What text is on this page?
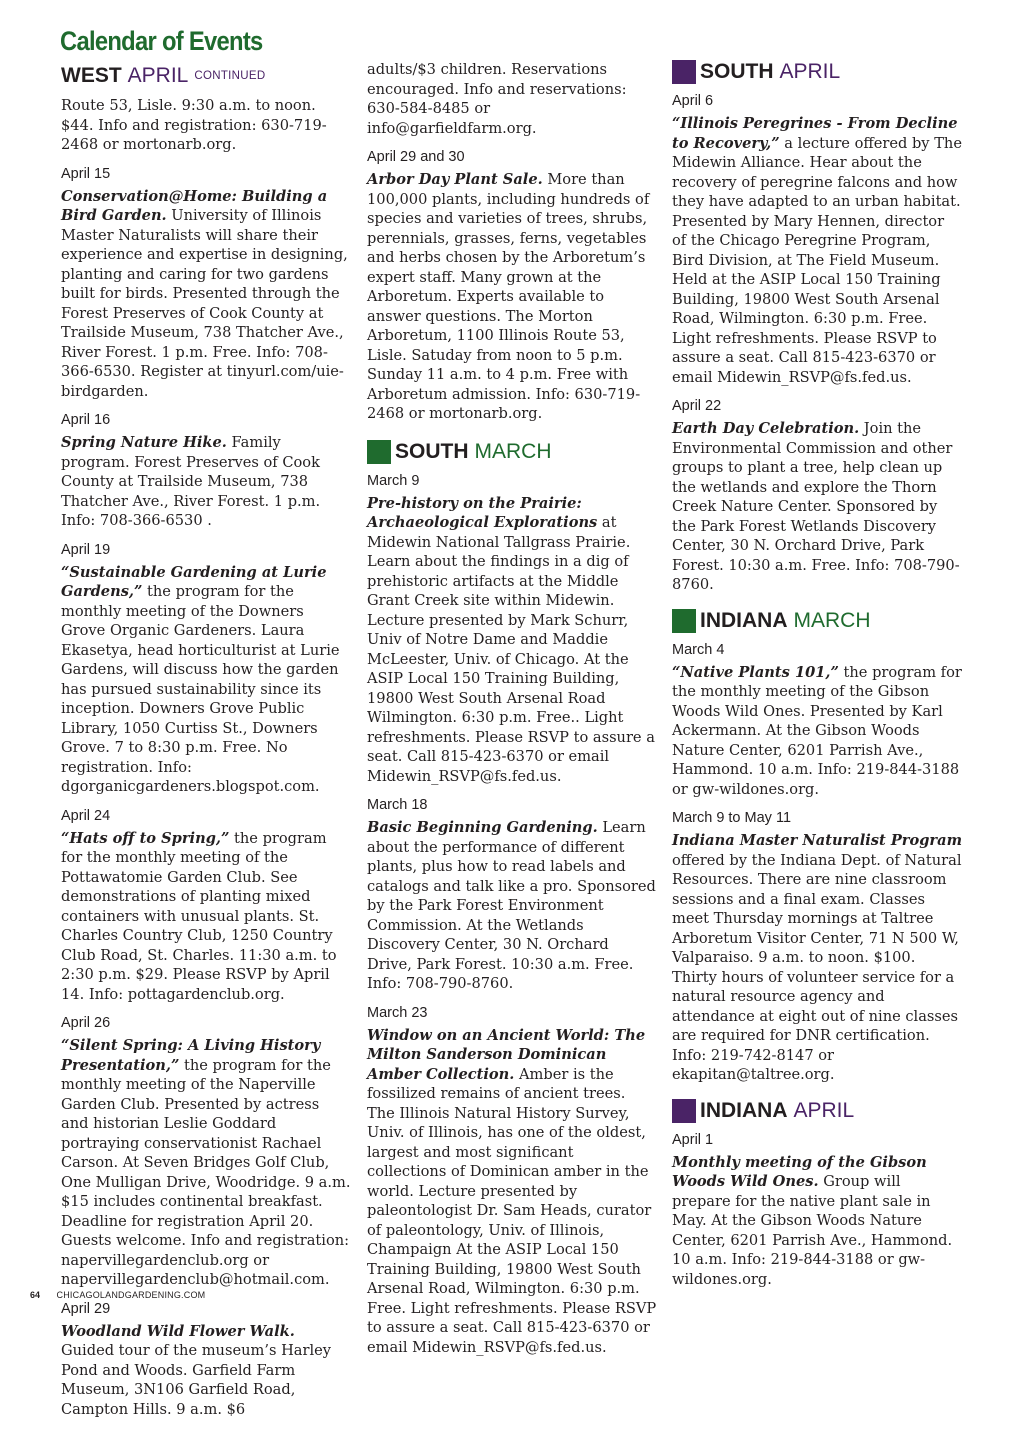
Calendar of Events
WEST APRIL CONTINUED
Route 53, Lisle. 9:30 a.m. to noon. $44. Info and registration: 630-719-2468 or mortonarb.org.
April 15
Conservation@Home: Building a Bird Garden. University of Illinois Master Naturalists will share their experience and expertise in designing, planting and caring for two gardens built for birds. Presented through the Forest Preserves of Cook County at Trailside Museum, 738 Thatcher Ave., River Forest. 1 p.m. Free. Info: 708-366-6530. Register at tinyurl.com/uie-birdgarden.
April 16
Spring Nature Hike. Family program. Forest Preserves of Cook County at Trailside Museum, 738 Thatcher Ave., River Forest. 1 p.m. Info: 708-366-6530 .
April 19
“Sustainable Gardening at Lurie Gardens,” the program for the monthly meeting of the Downers Grove Organic Gardeners. Laura Ekasetya, head horticulturist at Lurie Gardens, will discuss how the garden has pursued sustainability since its inception. Downers Grove Public Library, 1050 Curtiss St., Downers Grove. 7 to 8:30 p.m. Free. No registration. Info: dgorganicgardeners.blogspot.com.
April 24
“Hats off to Spring,” the program for the monthly meeting of the Pottawatomie Garden Club. See demonstrations of planting mixed containers with unusual plants. St. Charles Country Club, 1250 Country Club Road, St. Charles. 11:30 a.m. to 2:30 p.m. $29. Please RSVP by April 14. Info: pottagardenclub.org.
April 26
“Silent Spring: A Living History Presentation,” the program for the monthly meeting of the Naperville Garden Club. Presented by actress and historian Leslie Goddard portraying conservationist Rachael Carson. At Seven Bridges Golf Club, One Mulligan Drive, Woodridge. 9 a.m. $15 includes continental breakfast. Deadline for registration April 20. Guests welcome. Info and registration: napervillegardenclub.org or napervillegardenclub@hotmail.com.
April 29
Woodland Wild Flower Walk. Guided tour of the museum’s Harley Pond and Woods. Garfield Farm Museum, 3N106 Garfield Road, Campton Hills. 9 a.m. $6
adults/$3 children. Reservations encouraged. Info and reservations: 630-584-8485 or info@garfieldfarm.org.
April 29 and 30
Arbor Day Plant Sale. More than 100,000 plants, including hundreds of species and varieties of trees, shrubs, perennials, grasses, ferns, vegetables and herbs chosen by the Arboretum’s expert staff. Many grown at the Arboretum. Experts available to answer questions. The Morton Arboretum, 1100 Illinois Route 53, Lisle. Satuday from noon to 5 p.m. Sunday 11 a.m. to 4 p.m. Free with Arboretum admission. Info: 630-719-2468 or mortonarb.org.
SOUTH MARCH
March 9
Pre-history on the Prairie: Archaeological Explorations at Midewin National Tallgrass Prairie. Learn about the findings in a dig of prehistoric artifacts at the Middle Grant Creek site within Midewin. Lecture presented by Mark Schurr, Univ of Notre Dame and Maddie McLeester, Univ. of Chicago. At the ASIP Local 150 Training Building, 19800 West South Arsenal Road Wilmington. 6:30 p.m. Free.. Light refreshments. Please RSVP to assure a seat. Call 815-423-6370 or email Midewin_RSVP@fs.fed.us.
March 18
Basic Beginning Gardening. Learn about the performance of different plants, plus how to read labels and catalogs and talk like a pro. Sponsored by the Park Forest Environment Commission. At the Wetlands Discovery Center, 30 N. Orchard Drive, Park Forest. 10:30 a.m. Free. Info: 708-790-8760.
March 23
Window on an Ancient World: The Milton Sanderson Dominican Amber Collection. Amber is the fossilized remains of ancient trees. The Illinois Natural History Survey, Univ. of Illinois, has one of the oldest, largest and most significant collections of Dominican amber in the world. Lecture presented by paleontologist Dr. Sam Heads, curator of paleontology, Univ. of Illinois, Champaign At the ASIP Local 150 Training Building, 19800 West South Arsenal Road, Wilmington. 6:30 p.m. Free. Light refreshments. Please RSVP to assure a seat. Call 815-423-6370 or email Midewin_RSVP@fs.fed.us.
SOUTH APRIL
April 6
“Illinois Peregrines - From Decline to Recovery,” a lecture offered by The Midewin Alliance. Hear about the recovery of peregrine falcons and how they have adapted to an urban habitat. Presented by Mary Hennen, director of the Chicago Peregrine Program, Bird Division, at The Field Museum. Held at the ASIP Local 150 Training Building, 19800 West South Arsenal Road, Wilmington. 6:30 p.m. Free. Light refreshments. Please RSVP to assure a seat. Call 815-423-6370 or email Midewin_RSVP@fs.fed.us.
April 22
Earth Day Celebration. Join the Environmental Commission and other groups to plant a tree, help clean up the wetlands and explore the Thorn Creek Nature Center. Sponsored by the Park Forest Wetlands Discovery Center, 30 N. Orchard Drive, Park Forest. 10:30 a.m. Free. Info: 708-790-8760.
INDIANA MARCH
March 4
“Native Plants 101,” the program for the monthly meeting of the Gibson Woods Wild Ones. Presented by Karl Ackermann. At the Gibson Woods Nature Center, 6201 Parrish Ave., Hammond. 10 a.m. Info: 219-844-3188 or gw-wildones.org.
March 9 to May 11
Indiana Master Naturalist Program offered by the Indiana Dept. of Natural Resources. There are nine classroom sessions and a final exam. Classes meet Thursday mornings at Taltree Arboretum Visitor Center, 71 N 500 W, Valparaiso. 9 a.m. to noon. $100. Thirty hours of volunteer service for a natural resource agency and attendance at eight out of nine classes are required for DNR certification. Info: 219-742-8147 or ekapitan@taltree.org.
INDIANA APRIL
April 1
Monthly meeting of the Gibson Woods Wild Ones. Group will prepare for the native plant sale in May. At the Gibson Woods Nature Center, 6201 Parrish Ave., Hammond. 10 a.m. Info: 219-844-3188 or gw-wildones.org.
64 CHICAGOLANDGARDENING.COM
